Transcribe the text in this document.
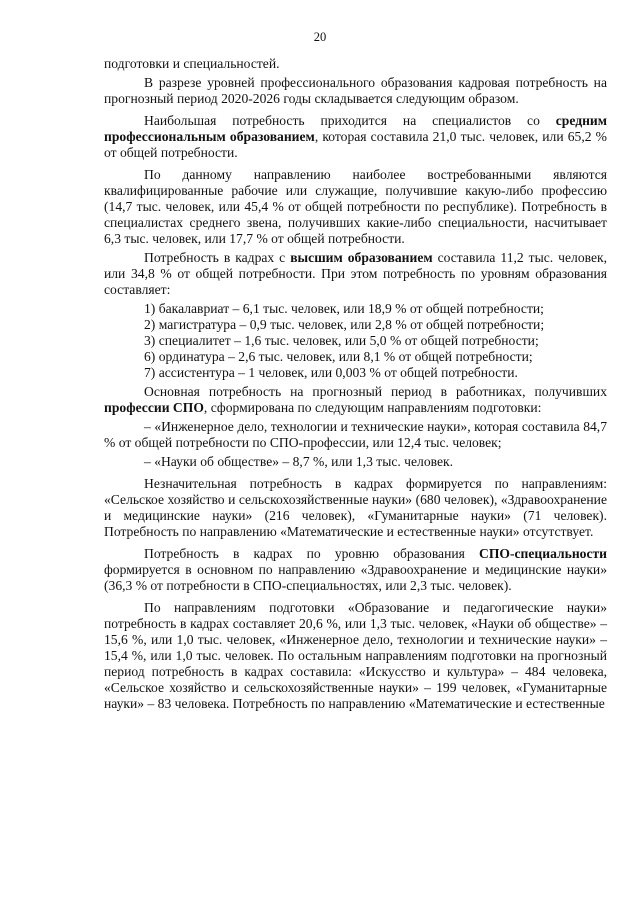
20

подготовки и специальностей.

В разрезе уровней профессионального образования кадровая потребность на прогнозный период 2020-2026 годы складывается следующим образом.

Наибольшая потребность приходится на специалистов со средним профессиональным образованием, которая составила 21,0 тыс. человек, или 65,2 % от общей потребности.

По данному направлению наиболее востребованными являются квалифицированные рабочие или служащие, получившие какую-либо профессию (14,7 тыс. человек, или 45,4 % от общей потребности по республике). Потребность в специалистах среднего звена, получивших какие-либо специальности, насчитывает 6,3 тыс. человек, или 17,7 % от общей потребности.

Потребность в кадрах с высшим образованием составила 11,2 тыс. человек, или 34,8 % от общей потребности. При этом потребность по уровням образования составляет:

1) бакалавриат – 6,1 тыс. человек, или 18,9 % от общей потребности;
2) магистратура – 0,9 тыс. человек, или 2,8 % от общей потребности;
3) специалитет – 1,6 тыс. человек, или 5,0 % от общей потребности;
6) ординатура – 2,6 тыс. человек, или 8,1 % от общей потребности;
7) ассистентура – 1 человек, или 0,003 % от общей потребности.

Основная потребность на прогнозный период в работниках, получивших профессии СПО, сформирована по следующим направлениям подготовки:

– «Инженерное дело, технологии и технические науки», которая составила 84,7 % от общей потребности по СПО-профессии, или 12,4 тыс. человек;

– «Науки об обществе» – 8,7 %, или 1,3 тыс. человек.

Незначительная потребность в кадрах формируется по направлениям: «Сельское хозяйство и сельскохозяйственные науки» (680 человек), «Здравоохранение и медицинские науки» (216 человек), «Гуманитарные науки» (71 человек). Потребность по направлению «Математические и естественные науки» отсутствует.

Потребность в кадрах по уровню образования СПО-специальности формируется в основном по направлению «Здравоохранение и медицинские науки» (36,3 % от потребности в СПО-специальностях, или 2,3 тыс. человек).

По направлениям подготовки «Образование и педагогические науки» потребность в кадрах составляет 20,6 %, или 1,3 тыс. человек, «Науки об обществе» – 15,6 %, или 1,0 тыс. человек, «Инженерное дело, технологии и технические науки» – 15,4 %, или 1,0 тыс. человек. По остальным направлениям подготовки на прогнозный период потребность в кадрах составила: «Искусство и культура» – 484 человека, «Сельское хозяйство и сельскохозяйственные науки» – 199 человек, «Гуманитарные науки» – 83 человека. Потребность по направлению «Математические и естественные
